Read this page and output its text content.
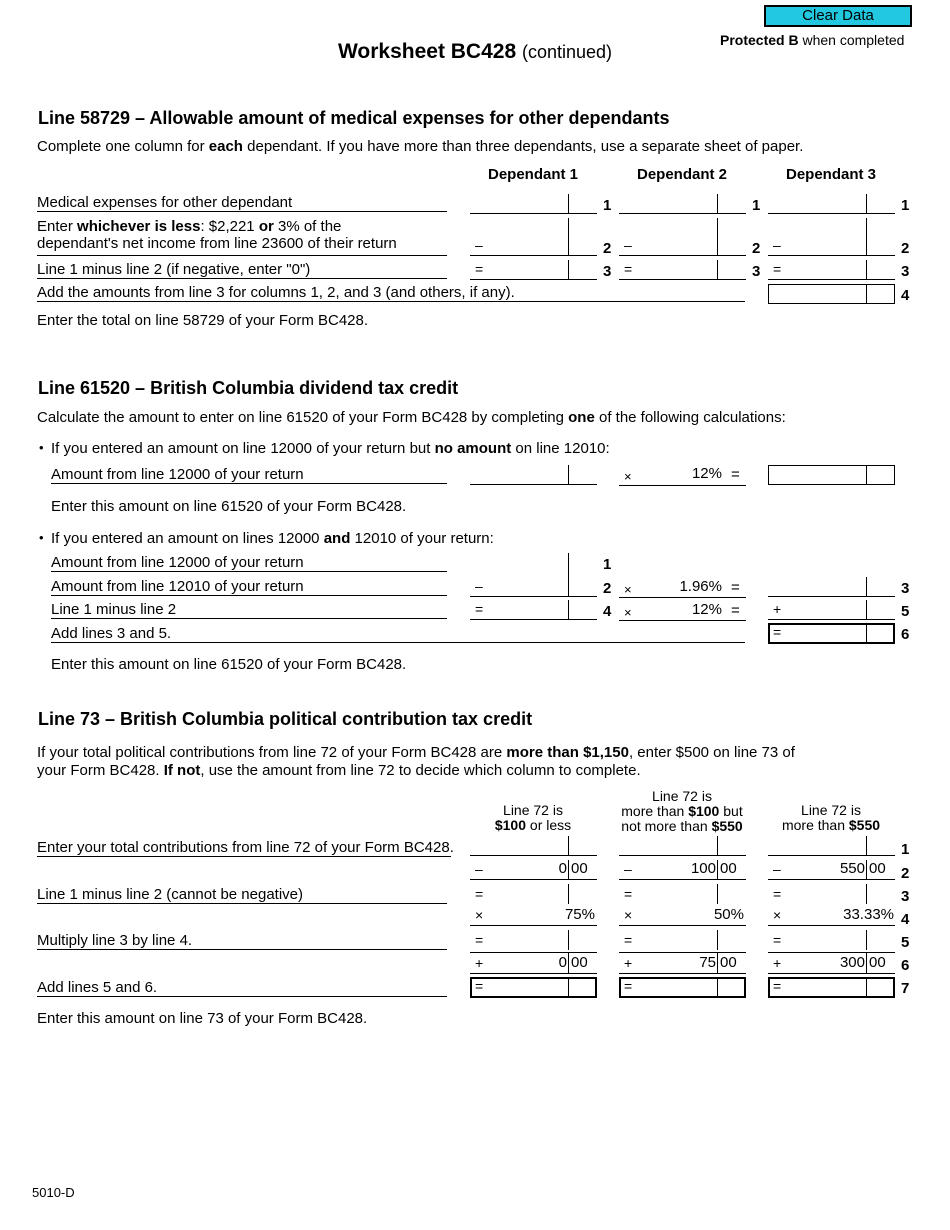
Clear Data
Protected B when completed
Worksheet BC428 (continued)
Line 58729 – Allowable amount of medical expenses for other dependants
Complete one column for each dependant. If you have more than three dependants, use a separate sheet of paper.
Dependant 1	Dependant 2	Dependant 3
Medical expenses for other dependant	1	1	1
Enter whichever is less: $2,221 or 3% of the
dependant's net income from line 23600 of their return	–	2 –	2 –	2
Line 1 minus line 2 (if negative, enter "0")	=	3 =	3 =	3
Add the amounts from line 3 for columns 1, 2, and 3 (and others, if any).	4
Enter the total on line 58729 of your Form BC428.
Line 61520 – British Columbia dividend tax credit
Calculate the amount to enter on line 61520 of your Form BC428 by completing one of the following calculations:
• If you entered an amount on line 12000 of your return but no amount on line 12010:
Amount from line 12000 of your return	×	12% =
Enter this amount on line 61520 of your Form BC428.
• If you entered an amount on lines 12000 and 12010 of your return:
Amount from line 12000 of your return	1
Amount from line 12010 of your return	–	2 ×	1.96% =	3
Line 1 minus line 2	=	4 ×	12% = +	5
Add lines 3 and 5.	=	6
Enter this amount on line 61520 of your Form BC428.
Line 73 – British Columbia political contribution tax credit
If your total political contributions from line 72 of your Form BC428 are more than $1,150, enter $500 on line 73 of
your Form BC428. If not, use the amount from line 72 to decide which column to complete.
Line 72 is
$100 or less
Line 72 is
more than $100 but
not more than $550
Line 72 is
more than $550
Enter your total contributions from line 72 of your Form BC428.	1
–	0 00	–	100 00	–	550 00 2
Line 1 minus line 2 (cannot be negative)	=	=	=	3
×	75% ×	50% ×	33.33% 4
Multiply line 3 by line 4.	=	=	=	5
+	0 00	+	75 00	+	300 00 6
Add lines 5 and 6.	=	=	=	7
Enter this amount on line 73 of your Form BC428.
5010-D
